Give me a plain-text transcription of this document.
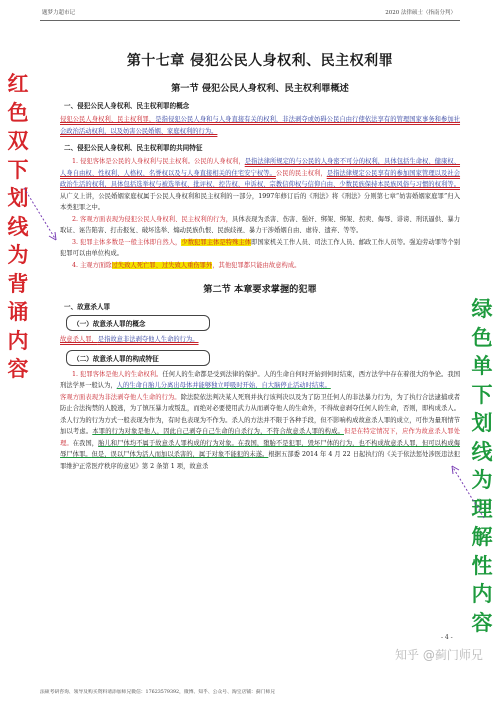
题梦力超市记	2020 法律硕士（指南分判）
红色双下划线为背诵内容
绿色单下划线为理解性内容
第十七章 侵犯公民人身权利、民主权利罪
第一节 侵犯公民人身权利、民主权利罪概述
一、侵犯公民人身权利、民主权利罪的概念
侵犯公民人身权利、民主权利罪，是指侵犯公民人身和与人身直接有关的权利，非法剥夺或妨碍公民自由行使依法享有的管理国家事务和参加社会政治活动权利，以及妨害公民婚姻、家庭权利的行为。
二、侵犯公民人身权利、民主权利罪的共同特征
1. 侵犯客体是公民的人身权利与民主权利。公民的人身权利，是指法律所规定的与公民的人身密不可分的权利，具体包括生命权、健康权、人身自由权、性权利、人格权、名誉权以及与人身直接相关的住宅安宁权等。公民的民主权利，是指法律规定公民享有的参加国家管理以及社会政治生活的权利，具体包括选举权与被选举权、批评权、控告权、申诉权、宗教信仰权与信仰自由、少数民族保持本民族风俗与习惯的权利等。从广义上讲，公民婚姻家庭权属于公民人身权利和民主权利的一部分，1997年修订后的《刑法》将《刑法》分则第七章“妨害婚姻家庭罪”归入本类犯罪之中。
2. 客观方面表现为侵犯公民人身权利、民主权利的行为，具体表现为杀害、伤害、强奸、绑架、绑架、拐卖、侮辱、诽谤、刑讯逼供、暴力取证、诬告陷害、打击报复、破坏选举、煽动民族仇恨、民族歧视、暴力干涉婚姻自由、虐待、遗弃、等等。
3. 犯罪主体多数是一般主体即自然人，少数犯罪主体是特殊主体即国家机关工作人员、司法工作人员、邮政工作人员等。强迫劳动罪等个别犯罪可以由单位构成。
4. 主观方面除过失致人死亡罪、过失致人重伤罪外，其他犯罪都只能由故意构成。
第二节 本章要求掌握的犯罪
一、故意杀人罪
（一）故意杀人罪的概念
故意杀人罪，是指故意非法剥夺他人生命的行为。
（二）故意杀人罪的构成特征
1. 犯罪客体是他人的生命权利。任何人的生命都是受到法律的保护。人的生命自何时开始到何时结束，西方法学中存在着很大的争论。我国刑法学界一般认为，人的生命自胎儿分离出母体并能够独立呼吸时开始，自大脑停止活动时结束。
客观方面表现为非法剥夺他人生命的行为。除法院依法判决某人死刑并执行该判决以及为了防卫任何人的非法暴力行为，为了执行合法逮捕或者防止合法拘禁的人脱逃，为了镇压暴力或叛乱，而绝对必要使用武力从而剥夺他人的生命外，不得故意剥夺任何人的生命，否则，即构成杀人。杀人行为的行为方式一般表现为作为，有时也表现为不作为。杀人的方法并不限于各种手段，但不影响构成故意杀人罪的成立，可作为量刑情节加以考虑。本罪的行为对象是他人，因此自己剥夺自己生命的自杀行为，不符合故意杀人罪的构成。但是在特定情况下，应作为故意杀人罪处理。在我国，胎儿和尸体均不属于故意杀人罪构成的行为对象。在我国，堕胎不是犯罪，毁坏尸体的行为，也不构成故意杀人罪，但可以构成侮辱尸体罪。但是，误以尸体为活人而加以杀害的，属于对象不能犯的未遂。根据五部委 2014 年 4 月 22 日起执行的《关于依法惩处涉医违法犯罪维护正常医疗秩序的意见》第 2 条第 1 项，故意杀
- 4 -
知乎 @蓟门师兄
法硕考研咨询、领导及购买资料请添加师兄微信：17623579392，微博、知乎、公众号、淘宝店铺：蓟门师兄
